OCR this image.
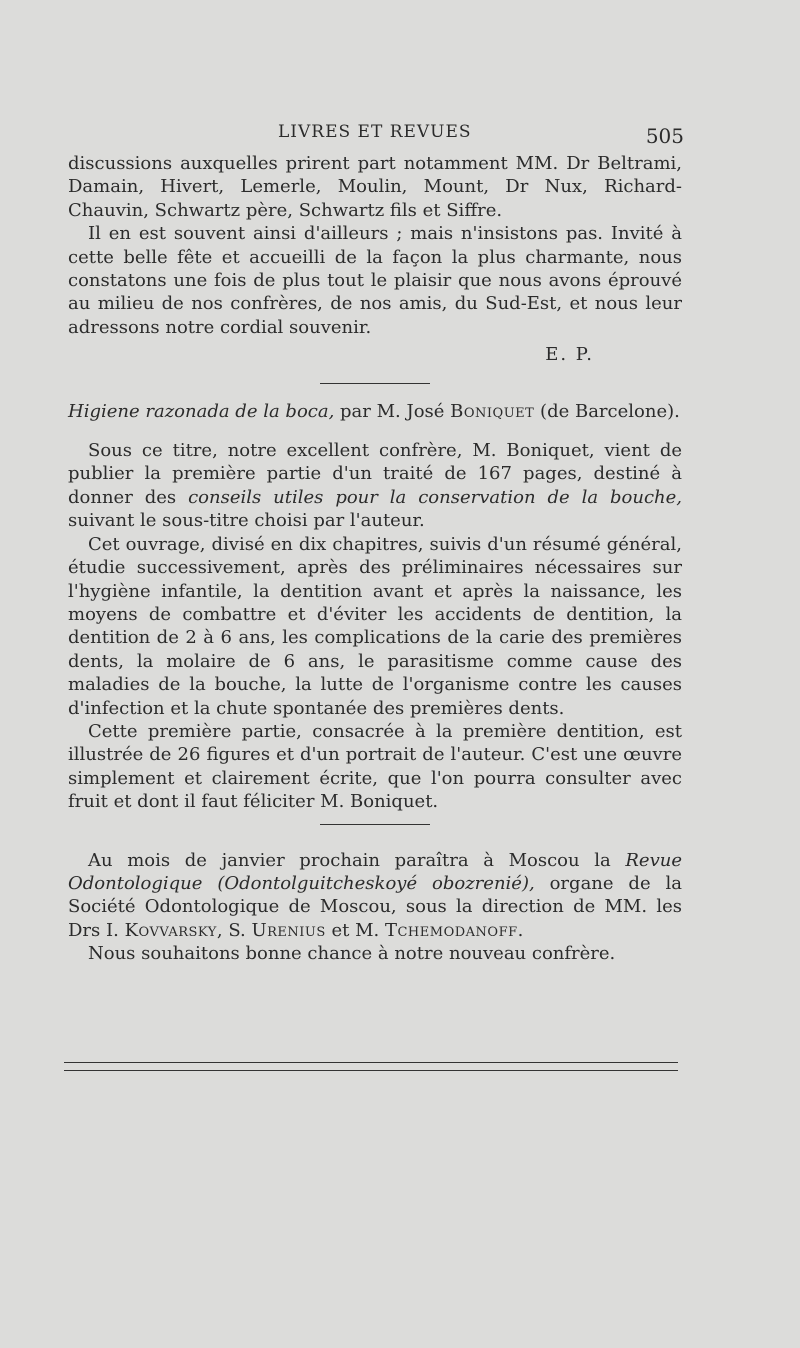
LIVRES ET REVUES	505

discussions auxquelles prirent part notamment MM. Dr Beltrami, Damain, Hivert, Lemerle, Moulin, Mount, Dr Nux, Richard-Chauvin, Schwartz père, Schwartz fils et Siffre.

Il en est souvent ainsi d'ailleurs ; mais n'insistons pas. Invité à cette belle fête et accueilli de la façon la plus charmante, nous constatons une fois de plus tout le plaisir que nous avons éprouvé au milieu de nos confrères, de nos amis, du Sud-Est, et nous leur adressons notre cordial souvenir.

E. P.

Higiene razonada de la boca, par M. José Boniquet (de Barcelone).

Sous ce titre, notre excellent confrère, M. Boniquet, vient de publier la première partie d'un traité de 167 pages, destiné à donner des conseils utiles pour la conservation de la bouche, suivant le sous-titre choisi par l'auteur.

Cet ouvrage, divisé en dix chapitres, suivis d'un résumé général, étudie successivement, après des préliminaires nécessaires sur l'hygiène infantile, la dentition avant et après la naissance, les moyens de combattre et d'éviter les accidents de dentition, la dentition de 2 à 6 ans, les complications de la carie des premières dents, la molaire de 6 ans, le parasitisme comme cause des maladies de la bouche, la lutte de l'organisme contre les causes d'infection et la chute spontanée des premières dents.

Cette première partie, consacrée à la première dentition, est illustrée de 26 figures et d'un portrait de l'auteur. C'est une œuvre simplement et clairement écrite, que l'on pourra consulter avec fruit et dont il faut féliciter M. Boniquet.

Au mois de janvier prochain paraîtra à Moscou la Revue Odontologique (Odontolguitcheskoyé obozrenié), organe de la Société Odontologique de Moscou, sous la direction de MM. les Drs I. Kovvarsky, S. Urenius et M. Tchemodanoff.

Nous souhaitons bonne chance à notre nouveau confrère.
